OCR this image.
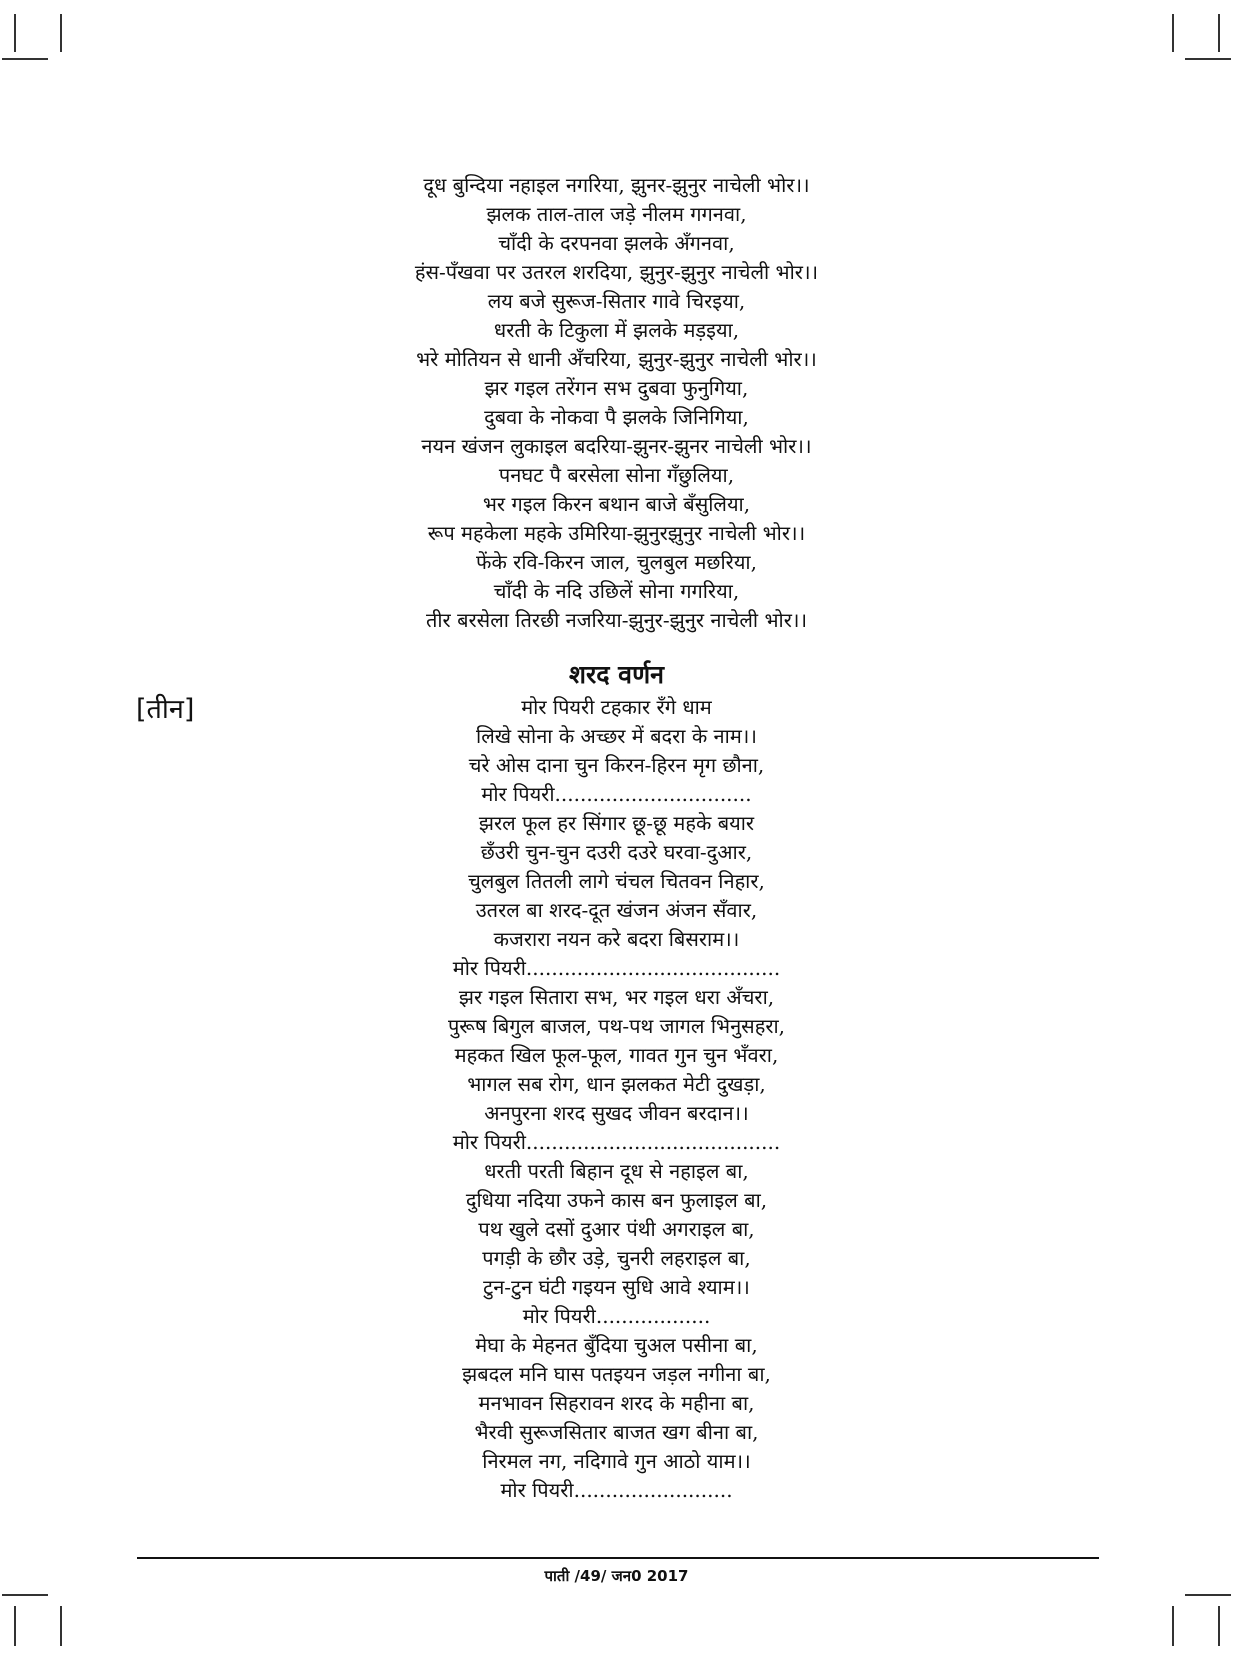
दूध बुन्दिया नहाइल नगरिया, झुनर-झुनुर नाचेली भोर।।
झलक ताल-ताल जड़े नीलम गगनवा,
चाँदी के दरपनवा झलके अँगनवा,
हंस-पँखवा पर उतरल शरदिया, झुनुर-झुनुर नाचेली भोर।।
लय बजे सुरूज-सितार गावे चिरइया,
धरती के टिकुला में झलके मड़इया,
भरे मोतियन से धानी अँचरिया, झुनुर-झुनुर नाचेली भोर।।
झर गइल तरेंगन सभ दुबवा फुनुगिया,
दुबवा के नोकवा पै झलके जिनिगिया,
नयन खंजन लुकाइल बदरिया-झुनर-झुनर नाचेली भोर।।
पनघट पै बरसेला सोना गँछुलिया,
भर गइल किरन बथान बाजे बँसुलिया,
रूप महकेला महके उमिरिया-झुनुरझुनुर नाचेली भोर।।
फेंके रवि-किरन जाल, चुलबुल मछरिया,
चाँदी के नदि उछिलें सोना गगरिया,
तीर बरसेला तिरछी नजरिया-झुनुर-झुनुर नाचेली भोर।।
शरद वर्णन
[तीन]	मोर पियरी टहकार रँगे धाम
लिखे सोना के अच्छर में बदरा के नाम।।
चरे ओस दाना चुन किरन-हिरन मृग छौना,
मोर पियरी...............................
झरल फूल हर सिंगार छू-छू महके बयार
छँउरी चुन-चुन दउरी दउरे घरवा-दुआर,
चुलबुल तितली लागे चंचल चितवन निहार,
उतरल बा शरद-दूत खंजन अंजन सँवार,
कजरारा नयन करे बदरा बिसराम।।
मोर पियरी........................................
झर गइल सितारा सभ, भर गइल धरा अँचरा,
पुरूष बिगुल बाजल, पथ-पथ जागल भिनुसहरा,
महकत खिल फूल-फूल, गावत गुन चुन भँवरा,
भागल सब रोग, धान झलकत मेटी दुखड़ा,
अनपुरना शरद सुखद जीवन बरदान।।
मोर पियरी........................................
धरती परती बिहान दूध से नहाइल बा,
दुधिया नदिया उफने कास बन फुलाइल बा,
पथ खुले दसों दुआर पंथी अगराइल बा,
पगड़ी के छौर उड़े, चुनरी लहराइल बा,
टुन-टुन घंटी गइयन सुधि आवे श्याम।।
मोर पियरी..................
मेघा के मेहनत बुँदिया चुअल पसीना बा,
झबदल मनि घास पतइयन जड़ल नगीना बा,
मनभावन सिहरावन शरद के महीना बा,
भैरवी सुरूजसितार बाजत खग बीना बा,
निरमल नग, नदिगावे गुन आठो याम।।
मोर पियरी.........................
पाती /49/ जन0 2017
